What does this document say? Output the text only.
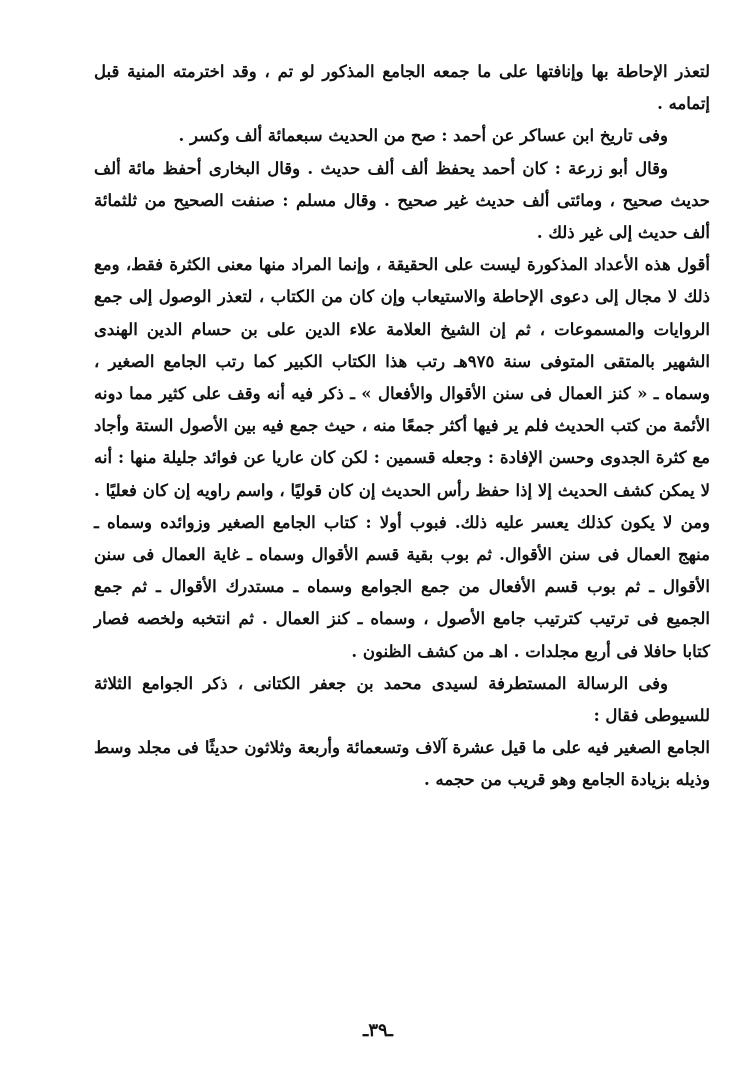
لتعذر الإحاطة بها وإنافتها على ما جمعه الجامع المذكور لو تم ، وقد اخترمته المنية قبل إتمامه .

وفى تاريخ ابن عساكر عن أحمد : صح من الحديث سبعمائة ألف وكسر .

وقال أبو زرعة : كان أحمد يحفظ ألف ألف حديث . وقال البخارى أحفظ مائة ألف حديث صحيح ، ومائتى ألف حديث غير صحيح . وقال مسلم : صنفت الصحيح من ثلثمائة ألف حديث إلى غير ذلك .

أقول هذه الأعداد المذكورة ليست على الحقيقة ، وإنما المراد منها معنى الكثرة فقط، ومع ذلك لا مجال إلى دعوى الإحاطة والاستيعاب وإن كان من الكتاب ، لتعذر الوصول إلى جمع الروايات والمسموعات ، ثم إن الشيخ العلامة علاء الدين على بن حسام الدين الهندى الشهير بالمتقى المتوفى سنة ٩٧٥هـ رتب هذا الكتاب الكبير كما رتب الجامع الصغير ، وسماه ـ « كنز العمال فى سنن الأقوال والأفعال » ـ ذكر فيه أنه وقف على كثير مما دونه الأئمة من كتب الحديث فلم ير فيها أكثر جمعًا منه ، حيث جمع فيه بين الأصول الستة وأجاد مع كثرة الجدوى وحسن الإفادة : وجعله قسمين : لكن كان عاريا عن فوائد جليلة منها : أنه لا يمكن كشف الحديث إلا إذا حفظ رأس الحديث إن كان قوليًا ، واسم راويه إن كان فعليًا . ومن لا يكون كذلك يعسر عليه ذلك. فبوب أولا : كتاب الجامع الصغير وزوائده وسماه ـ منهج العمال فى سنن الأقوال. ثم بوب بقية قسم الأقوال وسماه ـ غاية العمال فى سنن الأقوال ـ ثم بوب قسم الأفعال من جمع الجوامع وسماه ـ مستدرك الأقوال ـ ثم جمع الجميع فى ترتيب كترتيب جامع الأصول ، وسماه ـ كنز العمال . ثم انتخبه ولخصه فصار كتابا حافلا فى أربع مجلدات . اهـ من كشف الظنون .

وفى الرسالة المستطرفة لسيدى محمد بن جعفر الكتانى ، ذكر الجوامع الثلاثة للسيوطى فقال :

الجامع الصغير فيه على ما قيل عشرة آلاف وتسعمائة وأربعة وثلاثون حديثًا فى مجلد وسط وذيله بزيادة الجامع وهو قريب من حجمه .

ـ٣٩ـ
